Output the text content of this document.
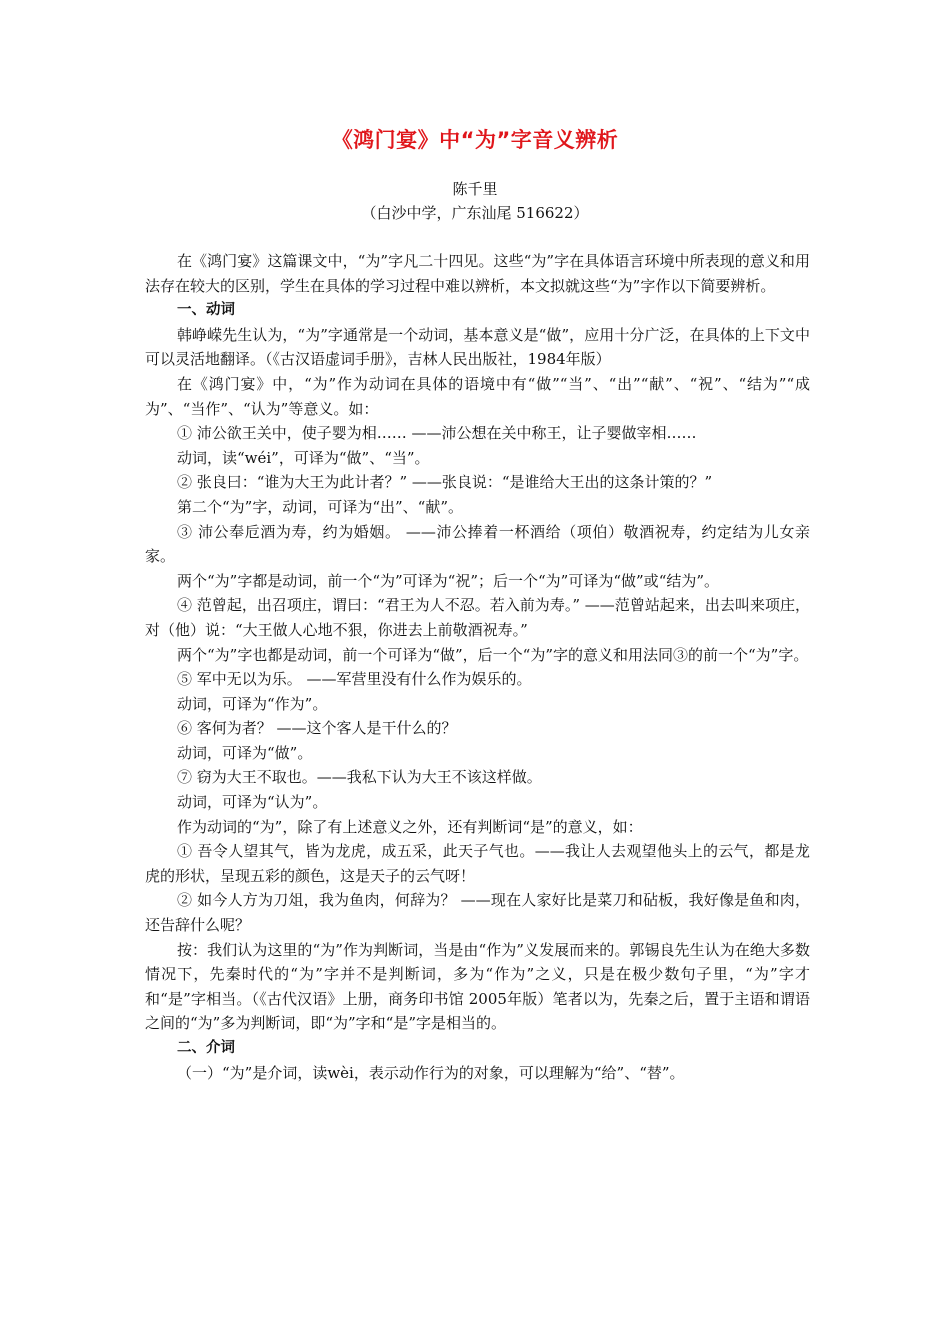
《鸿门宴》中“为”字音义辨析
陈千里
（白沙中学，广东汕尾 516622）

在《鸿门宴》这篇课文中，“为”字凡二十四见。这些“为”字在具体语言环境中所表现的意义和用法存在较大的区别，学生在具体的学习过程中难以辨析，本文拟就这些“为”字作以下简要辨析。

一、动词

韩峥嵘先生认为，“为”字通常是一个动词，基本意义是“做”，应用十分广泛，在具体的上下文中可以灵活地翻译。（《古汉语虚词手册》，吉林人民出版社，1984年版）

在《鸿门宴》中，“为”作为动词在具体的语境中有“做”“当”、“出”“献”、“祝”、“结为”“成为”、“当作”、“认为”等意义。如：

① 沛公欲王关中，使子婴为相…… ——沛公想在关中称王，让子婴做宰相……

动词，读“wéi”，可译为“做”、“当”。

② 张良曰：“谁为大王为此计者？” ——张良说：“是谁给大王出的这条计策的？”

第二个“为”字，动词，可译为“出”、“献”。

③ 沛公奉卮酒为寿，约为婚姻。 ——沛公捧着一杯酒给（项伯）敬酒祝寿，约定结为儿女亲家。

两个“为”字都是动词，前一个“为”可译为“祝”；后一个“为”可译为“做”或“结为”。

④ 范曾起，出召项庄，谓曰：“君王为人不忍。若入前为寿。” ——范曾站起来，出去叫来项庄，对（他）说：“大王做人心地不狠，你进去上前敬酒祝寿。”

两个“为”字也都是动词，前一个可译为“做”，后一个“为”字的意义和用法同③的前一个“为”字。

⑤ 军中无以为乐。 ——军营里没有什么作为娱乐的。

动词，可译为“作为”。

⑥ 客何为者？ ——这个客人是干什么的？

动词，可译为“做”。

⑦ 窃为大王不取也。——我私下认为大王不该这样做。

动词，可译为“认为”。

作为动词的“为”，除了有上述意义之外，还有判断词“是”的意义，如：

① 吾令人望其气，皆为龙虎，成五采，此天子气也。——我让人去观望他头上的云气，都是龙虎的形状，呈现五彩的颜色，这是天子的云气呀！

② 如今人方为刀俎，我为鱼肉，何辞为？ ——现在人家好比是菜刀和砧板，我好像是鱼和肉，还告辞什么呢？

按：我们认为这里的“为”作为判断词，当是由“作为”义发展而来的。郭锡良先生认为在绝大多数情况下，先秦时代的“为”字并不是判断词，多为“作为”之义，只是在极少数句子里，“为”字才和“是”字相当。（《古代汉语》上册，商务印书馆 2005年版）笔者以为，先秦之后，置于主语和谓语之间的“为”多为判断词，即“为”字和“是”字是相当的。

二、介词

（一）“为”是介词，读wèi，表示动作行为的对象，可以理解为“给”、“替”。
